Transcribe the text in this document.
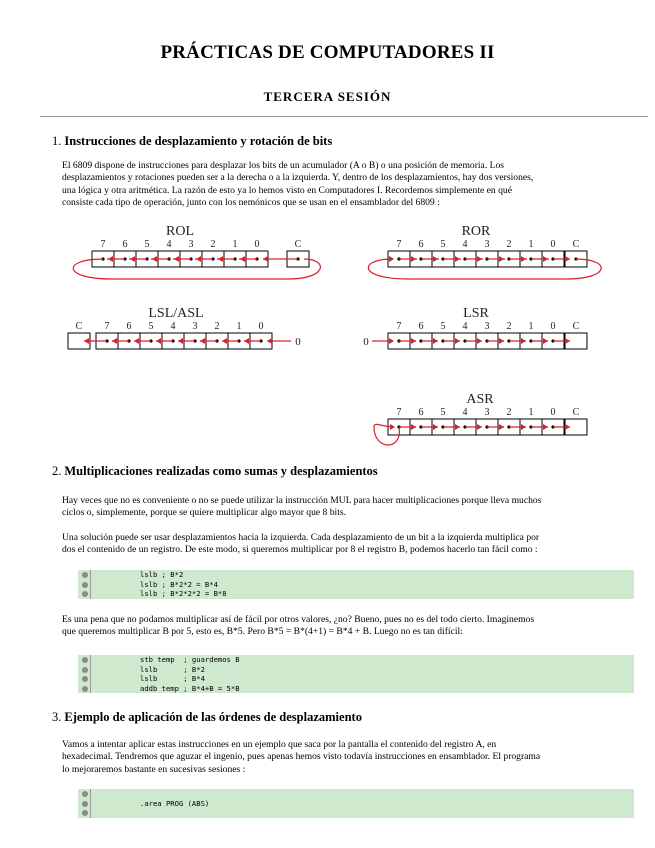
PRÁCTICAS DE COMPUTADORES II
TERCERA SESIÓN
1. Instrucciones de desplazamiento y rotación de bits
El 6809 dispone de instrucciones para desplazar los bits de un acumulador (A o B) o una posición de memoria. Los
desplazamientos y rotaciones pueden ser a la derecha o a la izquierda. Y, dentro de los desplazamientos, hay dos versiones,
una lógica y otra aritmética. La razón de esto ya lo hemos visto en Computadores I. Recordemos simplemente en qué
consiste cada tipo de operación, junto con los nemónicos que se usan en el ensamblador del 6809 :
ROL
7 6 5 4 3 2 1 0	C
ROR
7 6 5 4 3 2 1 0 C
LSL/ASL
C 7 6 5 4 3 2 1 0
0
LSR
7 6 5 4 3 2 1 0 C
0
ASR
7 6 5 4 3 2 1 0 C
2. Multiplicaciones realizadas como sumas y desplazamientos
Hay veces que no es conveniente o no se puede utilizar la instrucción MUL para hacer multiplicaciones porque lleva muchos
ciclos o, simplemente, porque se quiere multiplicar algo mayor que 8 bits.
Una solución puede ser usar desplazamientos hacia la izquierda. Cada desplazamiento de un bit a la izquierda multiplica por
dos el contenido de un registro. De este modo, si queremos multiplicar por 8 el registro B, podemos hacerlo tan fácil como :
lslb ; B*2
lslb ; B*2*2 = B*4
lslb ; B*2*2*2 = B*8
Es una pena que no podamos multiplicar así de fácil por otros valores, ¿no? Bueno, pues no es del todo cierto. Imaginemos
que queremos multiplicar B por 5, esto es, B*5. Pero B*5 = B*(4+1) = B*4 + B. Luego no es tan difícil:
stb temp  ; guardemos B
lslb      ; B*2
lslb      ; B*4
addb temp ; B*4+B = 5*B
3. Ejemplo de aplicación de las órdenes de desplazamiento
Vamos a intentar aplicar estas instrucciones en un ejemplo que saca por la pantalla el contenido del registro A, en
hexadecimal. Tendremos que aguzar el ingenio, pues apenas hemos visto todavía instrucciones en ensamblador. El programa
lo mejoraremos bastante en sucesivas sesiones :
.area PROG (ABS)
